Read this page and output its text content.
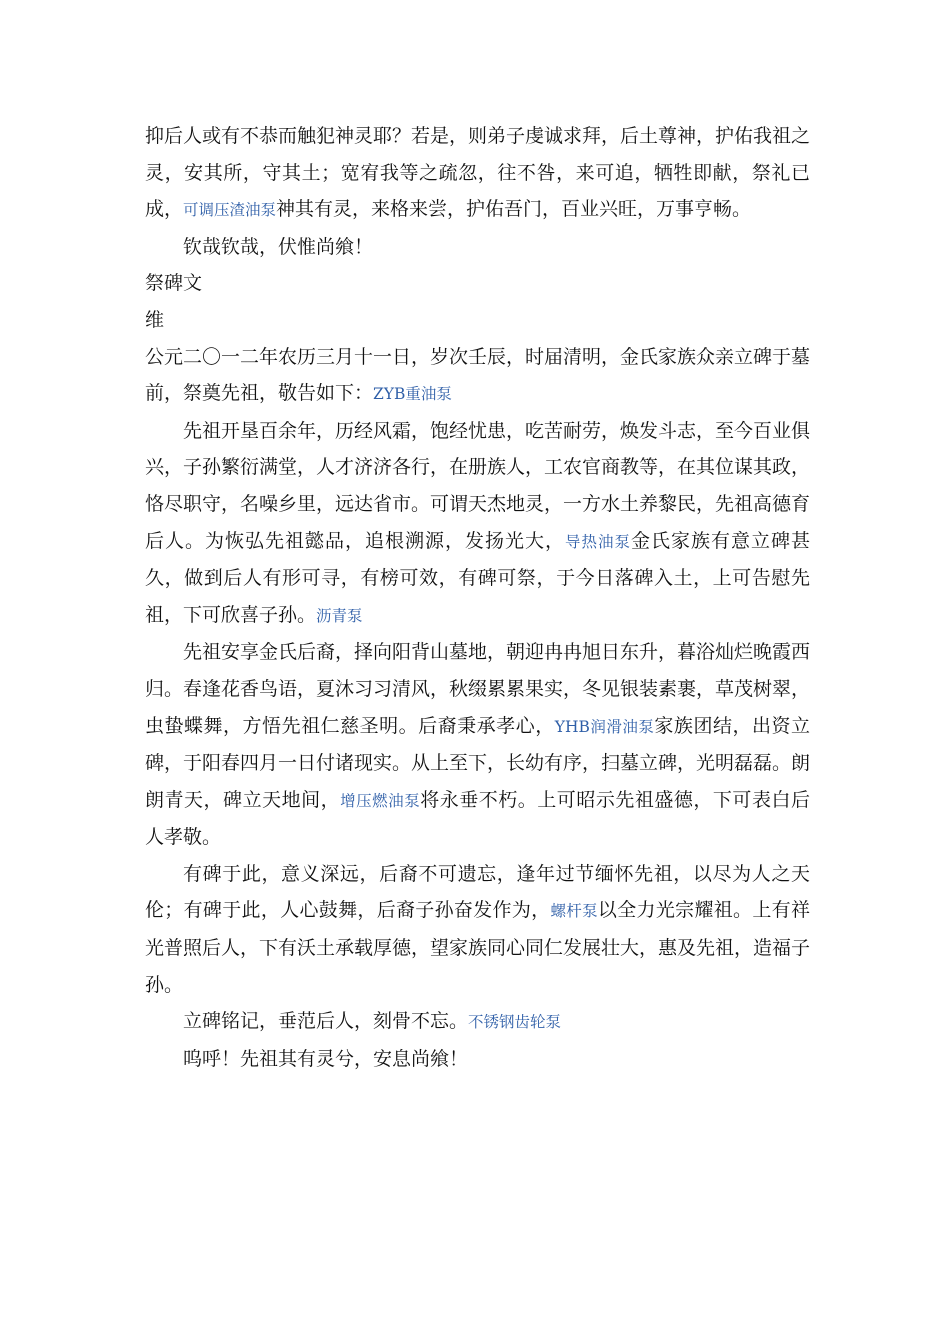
抑后人或有不恭而触犯神灵耶？若是，则弟子虔诚求拜，后土尊神，护佑我祖之灵，安其所，守其土；宽宥我等之疏忽，往不咎，来可追，牺牲即献，祭礼已成，可调压渣油泵神其有灵，来格来尝，护佑吾门，百业兴旺，万事亨畅。

钦哉钦哉，伏惟尚飨！

祭碑文

维

公元二〇一二年农历三月十一日，岁次壬辰，时届清明，金氏家族众亲立碑于墓前，祭奠先祖，敬告如下：ZYB重油泵

先祖开垦百余年，历经风霜，饱经忧患，吃苦耐劳，焕发斗志，至今百业俱兴，子孙繁衍满堂，人才济济各行，在册族人，工农官商教等，在其位谋其政，恪尽职守，名噪乡里，远达省市。可谓天杰地灵，一方水土养黎民，先祖高德育后人。为恢弘先祖懿品，追根溯源，发扬光大，导热油泵金氏家族有意立碑甚久，做到后人有形可寻，有榜可效，有碑可祭，于今日落碑入土，上可告慰先祖，下可欣喜子孙。沥青泵

先祖安享金氏后裔，择向阳背山墓地，朝迎冉冉旭日东升，暮浴灿烂晚霞西归。春逢花香鸟语，夏沐习习清风，秋缀累累果实，冬见银装素裹，草茂树翠，虫蛰蝶舞，方悟先祖仁慈圣明。后裔秉承孝心，YHB润滑油泵家族团结，出资立碑，于阳春四月一日付诸现实。从上至下，长幼有序，扫墓立碑，光明磊磊。朗朗青天，碑立天地间，增压燃油泵将永垂不朽。上可昭示先祖盛德，下可表白后人孝敬。

有碑于此，意义深远，后裔不可遗忘，逢年过节缅怀先祖，以尽为人之天伦；有碑于此，人心鼓舞，后裔子孙奋发作为，螺杆泵以全力光宗耀祖。上有祥光普照后人，下有沃土承载厚德，望家族同心同仁发展壮大，惠及先祖，造福子孙。

立碑铭记，垂范后人，刻骨不忘。不锈钢齿轮泵

呜呼！先祖其有灵兮，安息尚飨！
